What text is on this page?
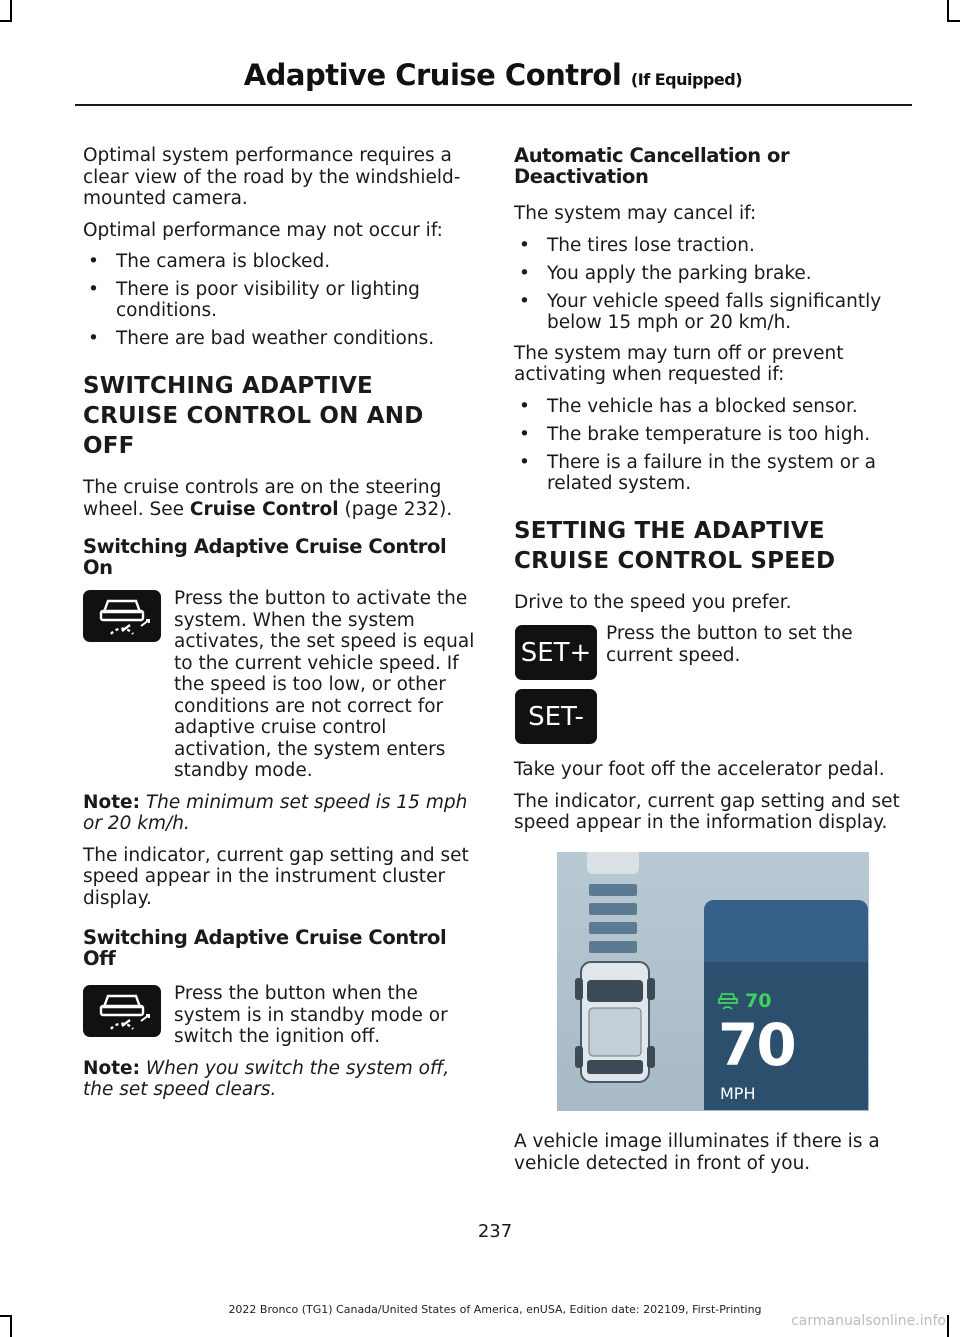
Adaptive Cruise Control (If Equipped)

Optimal system performance requires a clear view of the road by the windshield-mounted camera.

Optimal performance may not occur if:

• The camera is blocked.
• There is poor visibility or lighting conditions.
• There are bad weather conditions.
SWITCHING ADAPTIVE
CRUISE CONTROL ON AND OFF

The cruise controls are on the steering wheel. See Cruise Control (page 232).

Switching Adaptive Cruise Control On

Press the button to activate the system. When the system activates, the set speed is equal to the current vehicle speed. If the speed is too low, or other conditions are not correct for adaptive cruise control activation, the system enters standby mode.

Note: The minimum set speed is 15 mph or 20 km/h.

The indicator, current gap setting and set speed appear in the instrument cluster display.

Switching Adaptive Cruise Control Off

Press the button when the system is in standby mode or switch the ignition off.

Note: When you switch the system off, the set speed clears.

Automatic Cancellation or Deactivation

The system may cancel if:

• The tires lose traction.
• You apply the parking brake.
• Your vehicle speed falls significantly below 15 mph or 20 km/h.

The system may turn off or prevent activating when requested if:

• The vehicle has a blocked sensor.
• The brake temperature is too high.
• There is a failure in the system or a related system.
SETTING THE ADAPTIVE
CRUISE CONTROL SPEED

Drive to the speed you prefer.

SET+
SET-

Press the button to set the current speed.

Take your foot off the accelerator pedal.

The indicator, current gap setting and set speed appear in the information display.

70
70
MPH

A vehicle image illuminates if there is a vehicle detected in front of you.

237
2022 Bronco (TG1) Canada/United States of America, enUSA, Edition date: 202109, First-Printing
carmanualsonline.info
